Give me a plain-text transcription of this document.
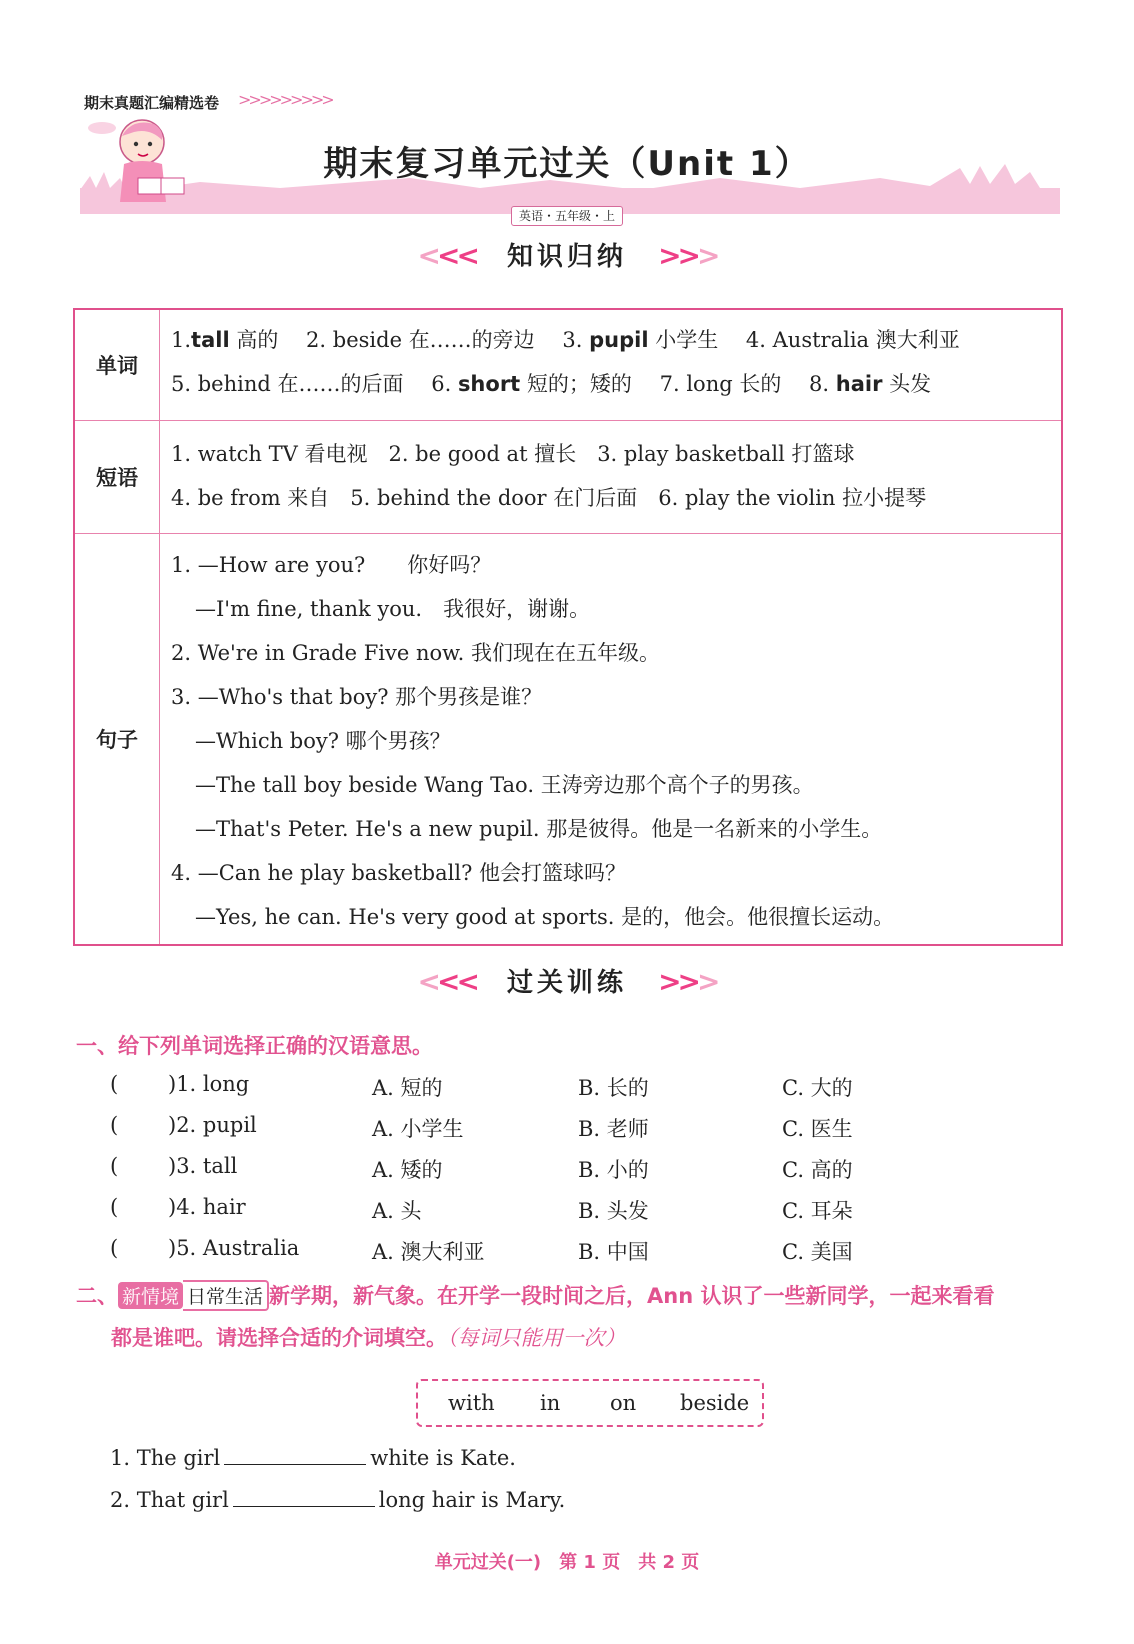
期末真题汇编精选卷 >>>>>>>>>
期末复习单元过关（Unit 1）
英语・五年级・上
<<< 知识归纳 >>>
单词
1.tall 高的　 2. beside 在……的旁边　 3. pupil 小学生　 4. Australia 澳大利亚
5. behind 在……的后面　 6. short 短的；矮的　 7. long 长的　 8. hair 头发
短语
1. watch TV 看电视　2. be good at 擅长　3. play basketball 打篮球
4. be from 来自　5. behind the door 在门后面　6. play the violin 拉小提琴
句子
1. —How are you?　　你好吗？
—I'm fine, thank you.　我很好，谢谢。
2. We're in Grade Five now. 我们现在在五年级。
3. —Who's that boy? 那个男孩是谁？
—Which boy? 哪个男孩？
—The tall boy beside Wang Tao. 王涛旁边那个高个子的男孩。
—That's Peter. He's a new pupil. 那是彼得。他是一名新来的小学生。
4. —Can he play basketball? 他会打篮球吗？
—Yes, he can. He's very good at sports. 是的，他会。他很擅长运动。
<<< 过关训练 >>>
一、给下列单词选择正确的汉语意思。
( )1. long	A. 短的	B. 长的	C. 大的
( )2. pupil	A. 小学生	B. 老师	C. 医生
( )3. tall	A. 矮的	B. 小的	C. 高的
( )4. hair	A. 头	B. 头发	C. 耳朵
( )5. Australia	A. 澳大利亚	B. 中国	C. 美国
二、 新情境 日常生活 新学期，新气象。在开学一段时间之后，Ann 认识了一些新同学，一起来看看
都是谁吧。请选择合适的介词填空。（每词只能用一次）
with in on beside
1. The girl	white is Kate.
2. That girl	long hair is Mary.
单元过关(一)　第 1 页　共 2 页
